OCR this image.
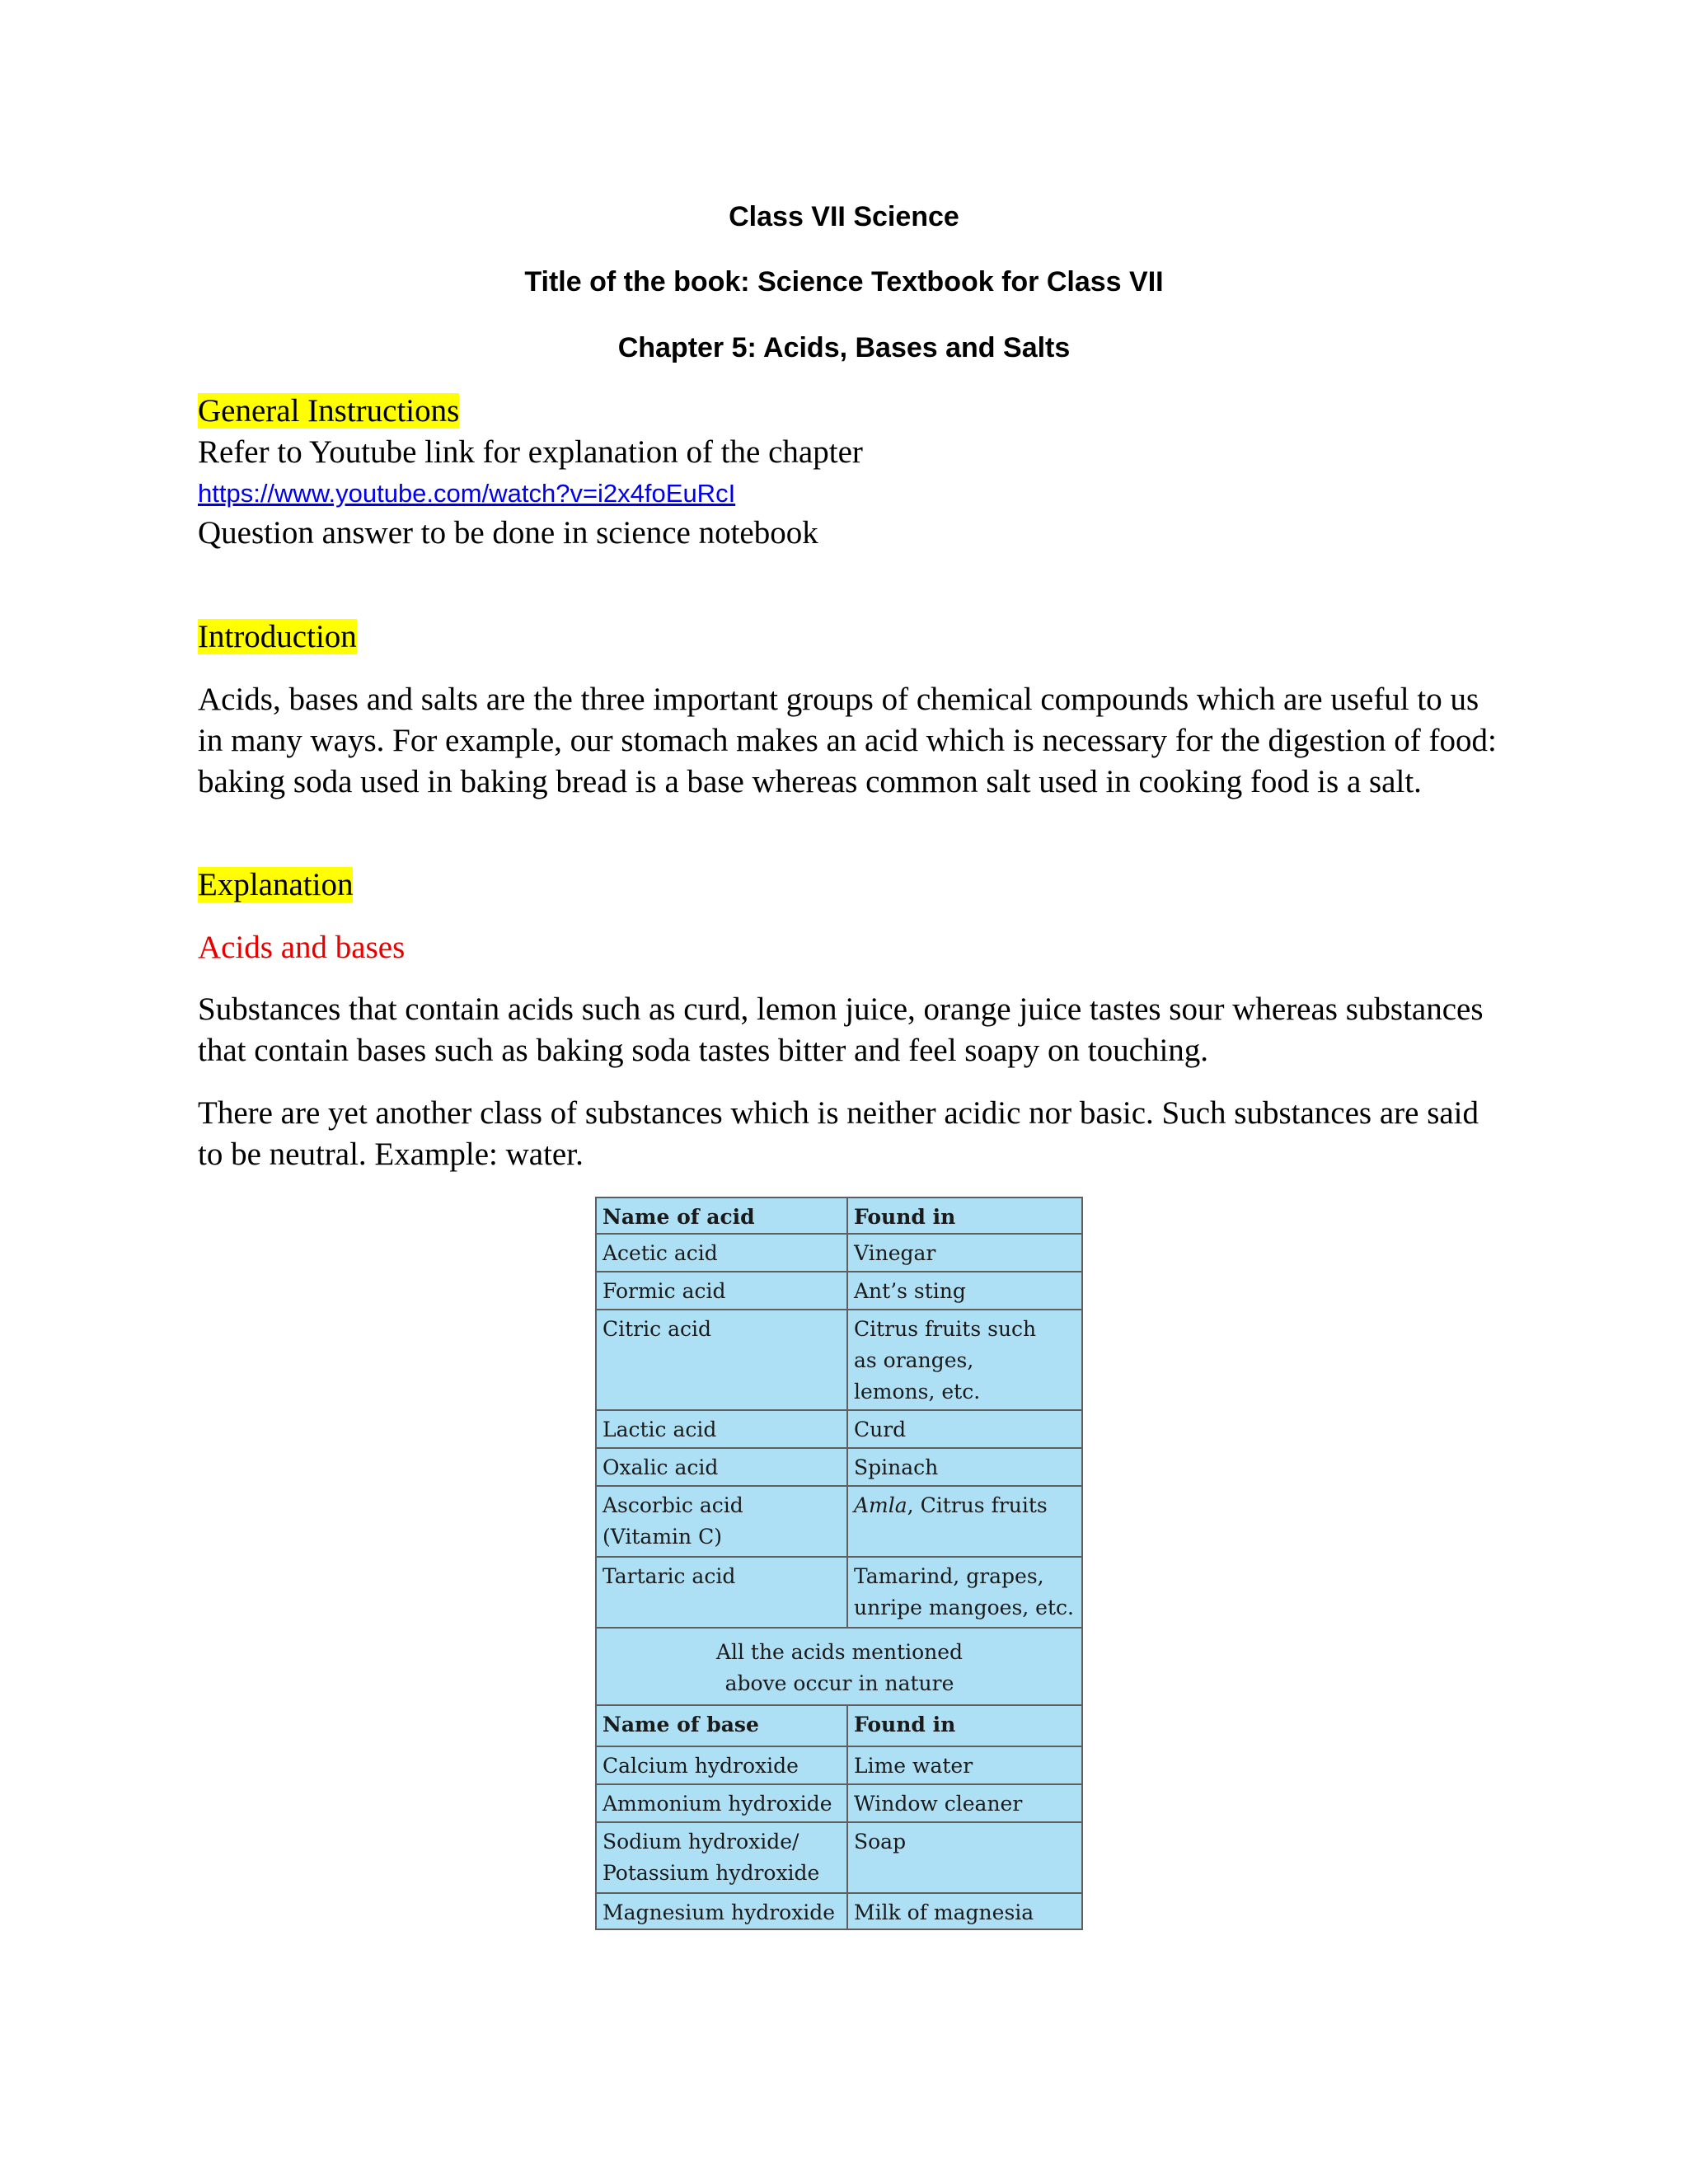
Class VII Science

Title of the book: Science Textbook for Class VII

Chapter 5: Acids, Bases and Salts

General Instructions

Refer to Youtube link for explanation of the chapter

https://www.youtube.com/watch?v=i2x4foEuRcI

Question answer to be done in science notebook

Introduction

Acids, bases and salts are the three important groups of chemical compounds which are useful to us in many ways. For example, our stomach makes an acid which is necessary for the digestion of food: baking soda used in baking bread is a base whereas common salt used in cooking food is a salt.

Explanation

Acids and bases

Substances that contain acids such as curd, lemon juice, orange juice tastes sour whereas substances that contain bases such as baking soda tastes bitter and feel soapy on touching.

There are yet another class of substances which is neither acidic nor basic. Such substances are said to be neutral. Example: water.

Name of acid	Found in
Acetic acid	Vinegar
Formic acid	Ant’s sting
Citric acid	Citrus fruits such
as oranges,
lemons, etc.

Lactic acid	Curd
Oxalic acid	Spinach

Ascorbic acid
(Vitamin C)	Amla, Citrus fruits
Tartaric acid	Tamarind, grapes,
unripe mangoes, etc.

All the acids mentioned
above occur in nature	

Name of base	Found in
Calcium hydroxide	Lime water
Ammonium hydroxide	Window cleaner

Sodium hydroxide/
Potassium hydroxide	Soap
Magnesium hydroxide	Milk of magnesia
